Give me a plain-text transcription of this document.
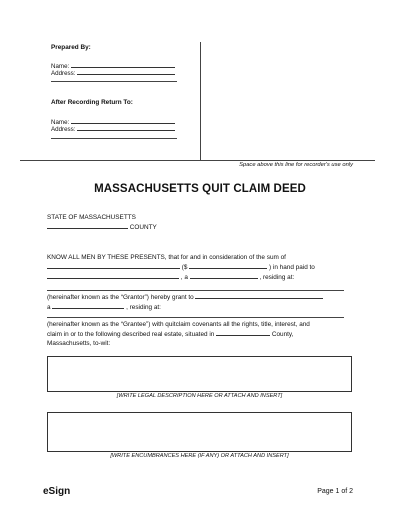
Prepared By:
Name:
Address:
After Recording Return To:
Name:
Address:
Space above this line for recorder's use only
MASSACHUSETTS QUIT CLAIM DEED
STATE OF MASSACHUSETTS
COUNTY
KNOW ALL MEN BY THESE PRESENTS, that for and in consideration of the sum of
($	) in hand paid to
, a	, residing at:
(hereinafter known as the “Grantor”) hereby grant to
a	, residing at:
(hereinafter known as the “Grantee”) with quitclaim covenants all the rights, title, interest, and
claim in or to the following described real estate, situated in	County,
Massachusetts, to-wit:
[WRITE LEGAL DESCRIPTION HERE OR ATTACH AND INSERT]
[WRITE ENCUMBRANCES HERE (IF ANY) OR ATTACH AND INSERT]
eSign	Page 1 of 2
